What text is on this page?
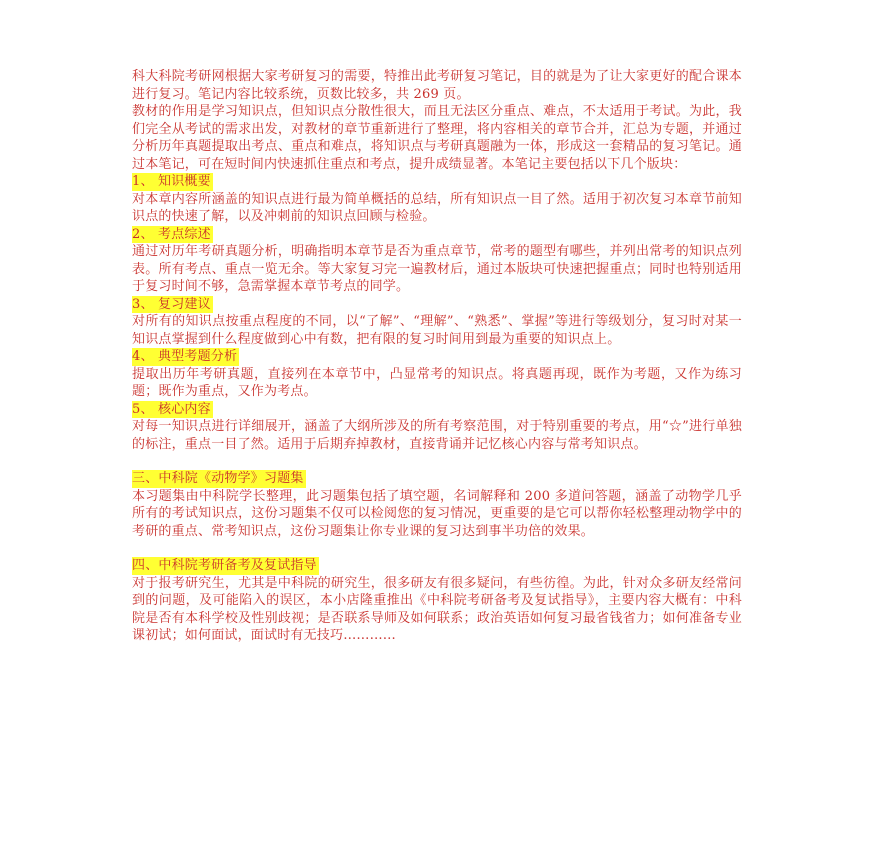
科大科院考研网根据大家考研复习的需要，特推出此考研复习笔记，目的就是为了让大家更好的配合课本进行复习。笔记内容比较系统，页数比较多，共 269 页。

教材的作用是学习知识点，但知识点分散性很大，而且无法区分重点、难点，不太适用于考试。为此，我们完全从考试的需求出发，对教材的章节重新进行了整理，将内容相关的章节合并，汇总为专题，并通过分析历年真题提取出考点、重点和难点，将知识点与考研真题融为一体，形成这一套精品的复习笔记。通过本笔记，可在短时间内快速抓住重点和考点，提升成绩显著。本笔记主要包括以下几个版块：

1、 知识概要

对本章内容所涵盖的知识点进行最为简单概括的总结，所有知识点一目了然。适用于初次复习本章节前知识点的快速了解，以及冲刺前的知识点回顾与检验。

2、 考点综述

通过对历年考研真题分析，明确指明本章节是否为重点章节，常考的题型有哪些，并列出常考的知识点列表。所有考点、重点一览无余。等大家复习完一遍教材后，通过本版块可快速把握重点；同时也特别适用于复习时间不够，急需掌握本章节考点的同学。

3、 复习建议

对所有的知识点按重点程度的不同，以“了解”、“理解”、“熟悉”、掌握”等进行等级划分，复习时对某一知识点掌握到什么程度做到心中有数，把有限的复习时间用到最为重要的知识点上。

4、 典型考题分析

提取出历年考研真题，直接列在本章节中，凸显常考的知识点。将真题再现，既作为考题，又作为练习题；既作为重点，又作为考点。

5、 核心内容

对每一知识点进行详细展开，涵盖了大纲所涉及的所有考察范围，对于特别重要的考点，用“☆”进行单独的标注，重点一目了然。适用于后期弃掉教材，直接背诵并记忆核心内容与常考知识点。

三、中科院《动物学》习题集

本习题集由中科院学长整理，此习题集包括了填空题，名词解释和 200 多道问答题，涵盖了动物学几乎所有的考试知识点，这份习题集不仅可以检阅您的复习情况，更重要的是它可以帮你轻松整理动物学中的考研的重点、常考知识点，这份习题集让你专业课的复习达到事半功倍的效果。

四、中科院考研备考及复试指导

对于报考研究生，尤其是中科院的研究生，很多研友有很多疑问，有些彷徨。为此，针对众多研友经常问到的问题，及可能陷入的误区，本小店隆重推出《中科院考研备考及复试指导》，主要内容大概有：中科院是否有本科学校及性别歧视；是否联系导师及如何联系；政治英语如何复习最省钱省力；如何准备专业课初试；如何面试，面试时有无技巧…………
